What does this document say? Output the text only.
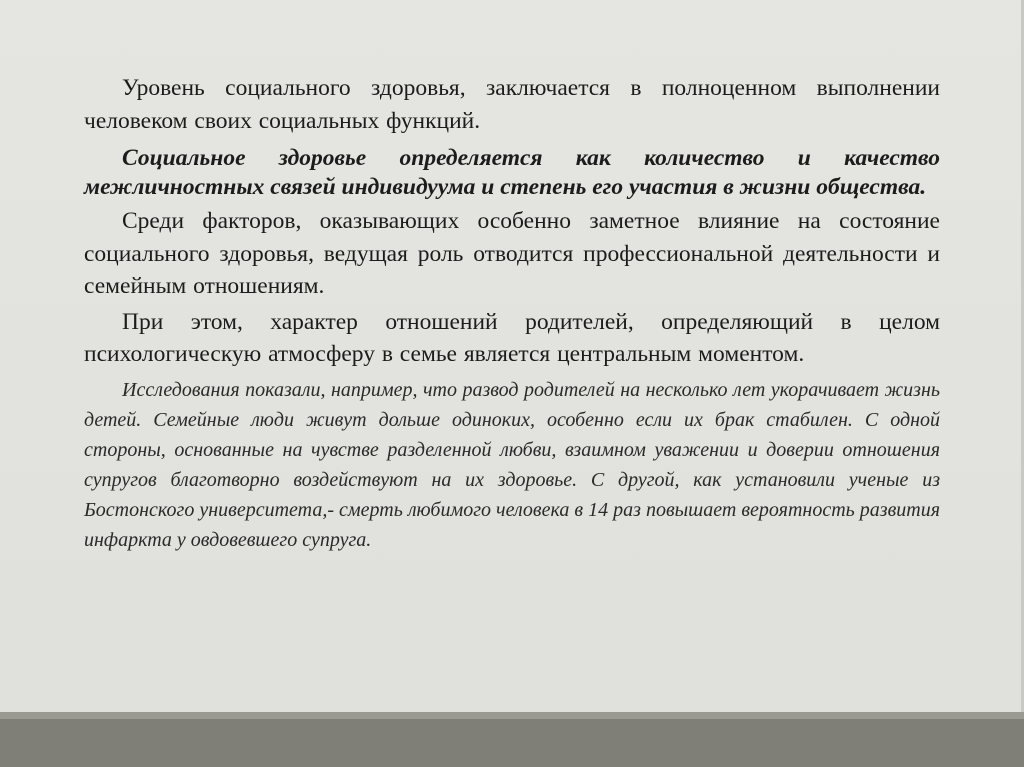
Уровень социального здоровья, заключается в полноценном выполнении человеком своих социальных функций.

Социальное здоровье определяется как количество и качество межличностных связей индивидуума и степень его участия в жизни общества.

Среди факторов, оказывающих особенно заметное влияние на состояние социального здоровья, ведущая роль отводится профессиональной деятельности и семейным отношениям.

При этом, характер отношений родителей, определяющий в целом психологическую атмосферу в семье является центральным моментом.

Исследования показали, например, что развод родителей на несколько лет укорачивает жизнь детей. Семейные люди живут дольше одиноких, особенно если их брак стабилен. С одной стороны, основанные на чувстве разделенной любви, взаимном уважении и доверии отношения супругов благотворно воздействуют на их здоровье. С другой, как установили ученые из Бостонского университета,- смерть любимого человека в 14 раз повышает вероятность развития инфаркта у овдовевшего супруга.
